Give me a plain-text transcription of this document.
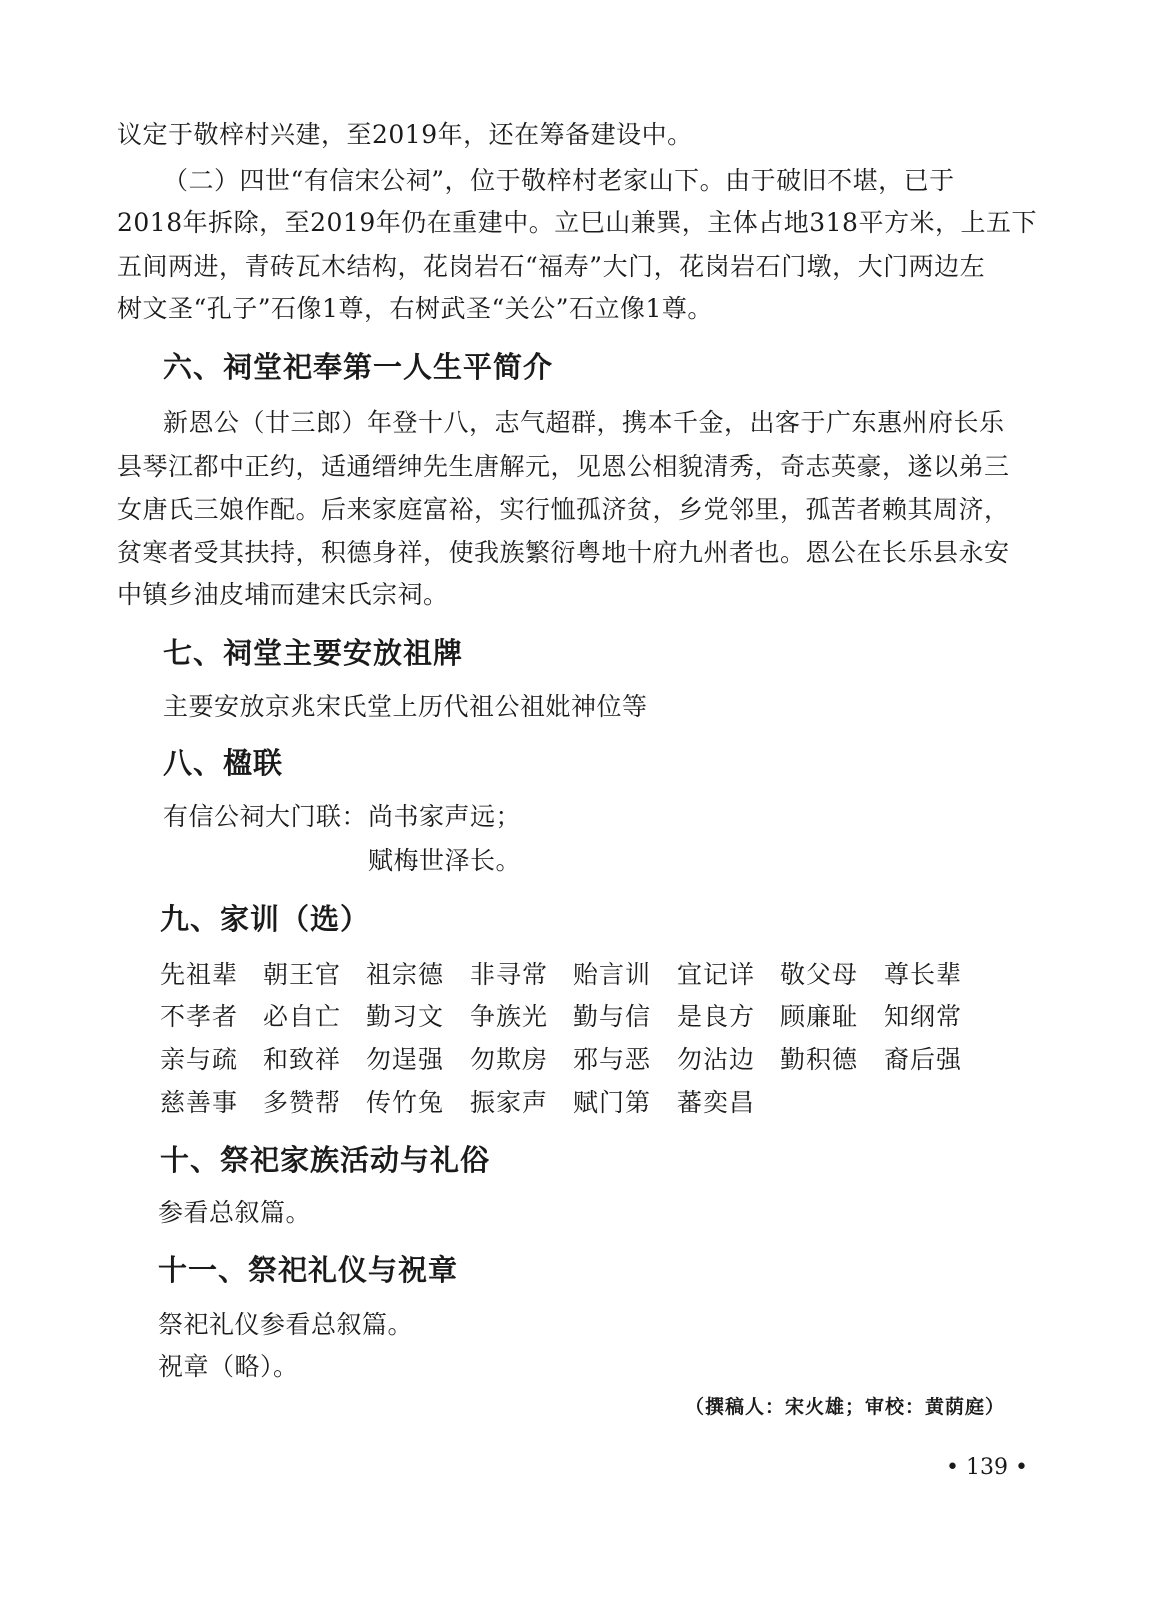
议定于敬梓村兴建，至2019年，还在筹备建设中。
（二）四世“有信宋公祠”，位于敬梓村老家山下。由于破旧不堪，已于
2018年拆除，至2019年仍在重建中。立巳山兼巽，主体占地318平方米，上五下
五间两进，青砖瓦木结构，花岗岩石“福寿”大门，花岗岩石门墩，大门两边左
树文圣“孔子”石像1尊，右树武圣“关公”石立像1尊。
六、祠堂祀奉第一人生平简介
新恩公（廿三郎）年登十八，志气超群，携本千金，出客于广东惠州府长乐
县琴江都中正约，适通缙绅先生唐解元，见恩公相貌清秀，奇志英豪，遂以弟三
女唐氏三娘作配。后来家庭富裕，实行恤孤济贫，乡党邻里，孤苦者赖其周济，
贫寒者受其扶持，积德身祥，使我族繁衍粤地十府九州者也。恩公在长乐县永安
中镇乡油皮埔而建宋氏宗祠。
七、祠堂主要安放祖牌
主要安放京兆宋氏堂上历代祖公祖妣神位等
八、楹联
有信公祠大门联： 尚书家声远；
赋梅世泽长。
九、家训（选）
先祖辈 朝王官 祖宗德 非寻常 贻言训 宜记详 敬父母 尊长辈
不孝者 必自亡 勤习文 争族光 勤与信 是良方 顾廉耻 知纲常
亲与疏 和致祥 勿逞强 勿欺房 邪与恶 勿沾边 勤积德 裔后强
慈善事 多赞帮 传竹兔 振家声 赋门第 蕃奕昌
十、祭祀家族活动与礼俗
参看总叙篇。
十一、祭祀礼仪与祝章
祭祀礼仪参看总叙篇。
祝章（略）。
（撰稿人：宋火雄；审校：黄荫庭）
• 139 •
